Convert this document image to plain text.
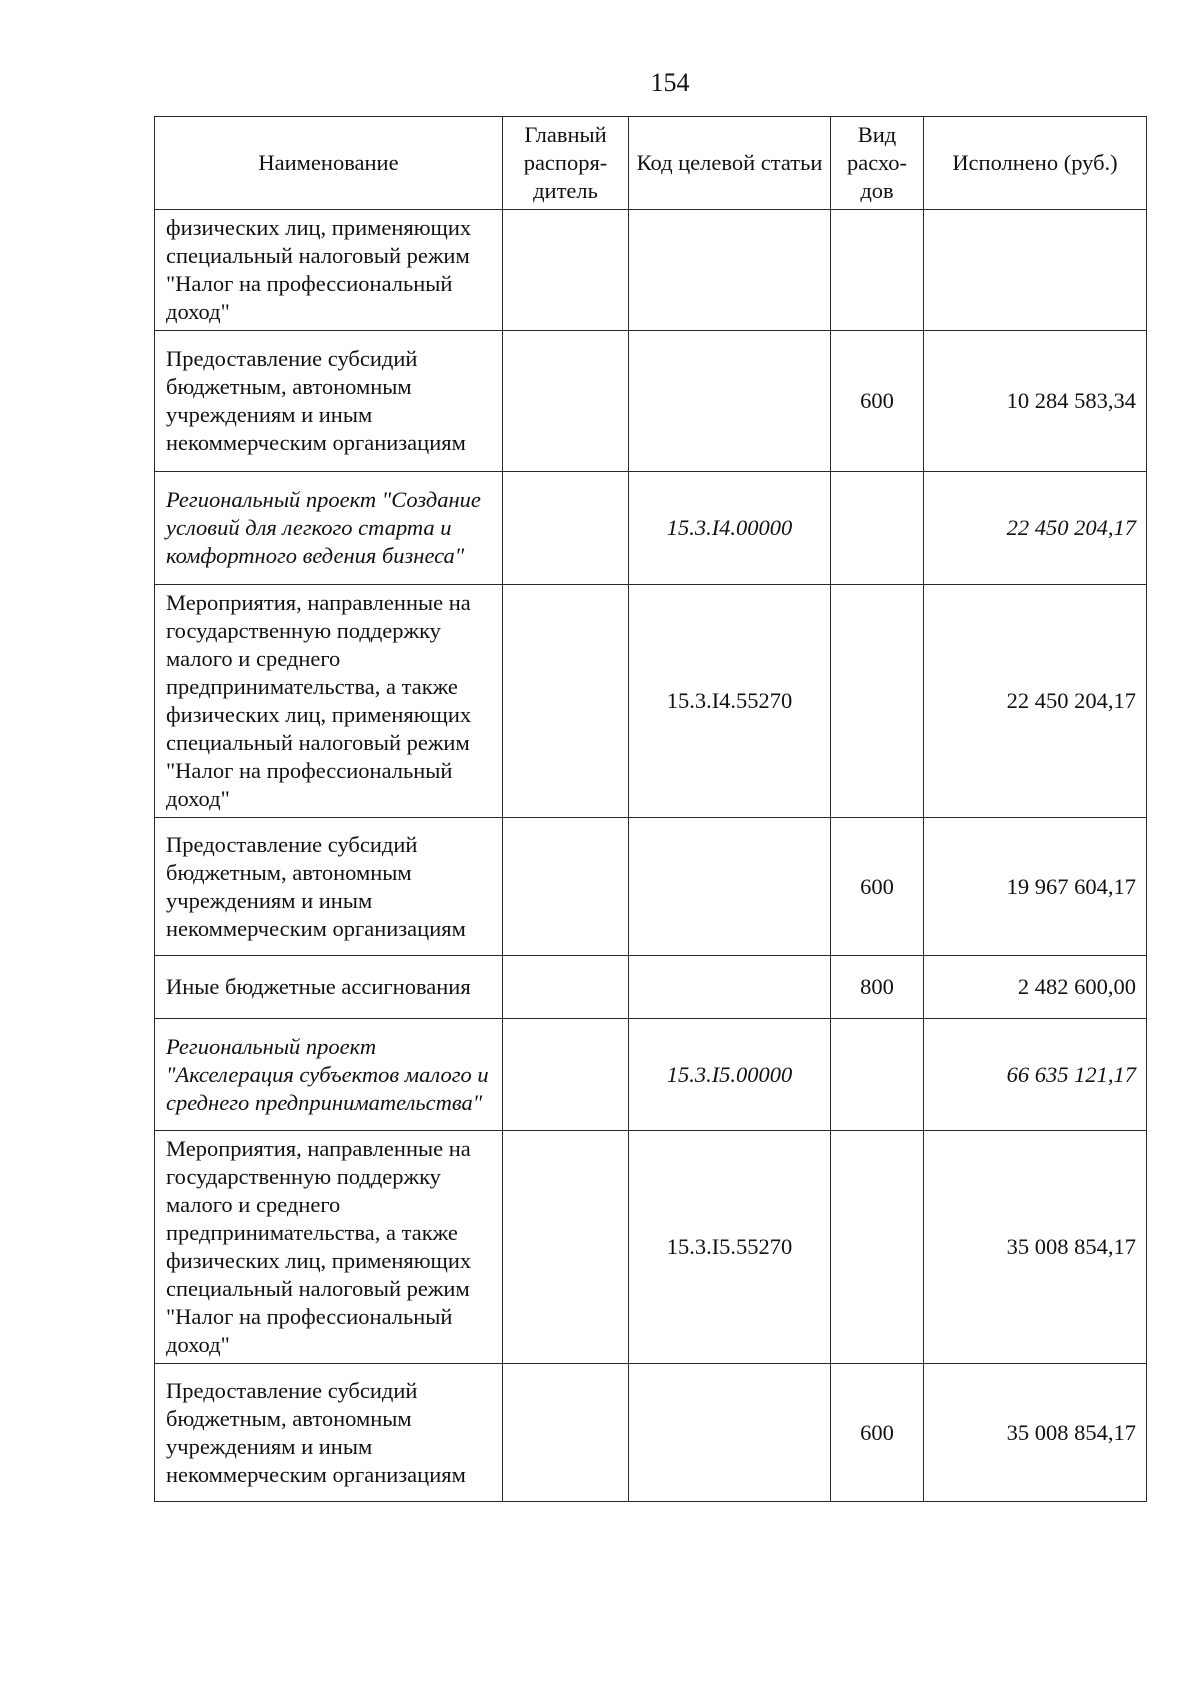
154
Наименование	Главный распоря-дитель	Код целевой статьи	Вид расхо-дов	Исполнено (руб.)
физических лиц, применяющих специальный налоговый режим "Налог на профессиональный доход"				
Предоставление субсидий бюджетным, автономным учреждениям и иным некоммерческим организациям			600	10 284 583,34
Региональный проект "Создание условий для легкого старта и комфортного ведения бизнеса"		15.3.I4.00000		22 450 204,17
Мероприятия, направленные на государственную поддержку малого и среднего предпринимательства, а также физических лиц, применяющих специальный налоговый режим "Налог на профессиональный доход"		15.3.I4.55270		22 450 204,17
Предоставление субсидий бюджетным, автономным учреждениям и иным некоммерческим организациям			600	19 967 604,17
Иные бюджетные ассигнования			800	2 482 600,00
Региональный проект "Акселерация субъектов малого и среднего предпринимательства"		15.3.I5.00000		66 635 121,17
Мероприятия, направленные на государственную поддержку малого и среднего предпринимательства, а также физических лиц, применяющих специальный налоговый режим "Налог на профессиональный доход"		15.3.I5.55270		35 008 854,17
Предоставление субсидий бюджетным, автономным учреждениям и иным некоммерческим организациям			600	35 008 854,17
